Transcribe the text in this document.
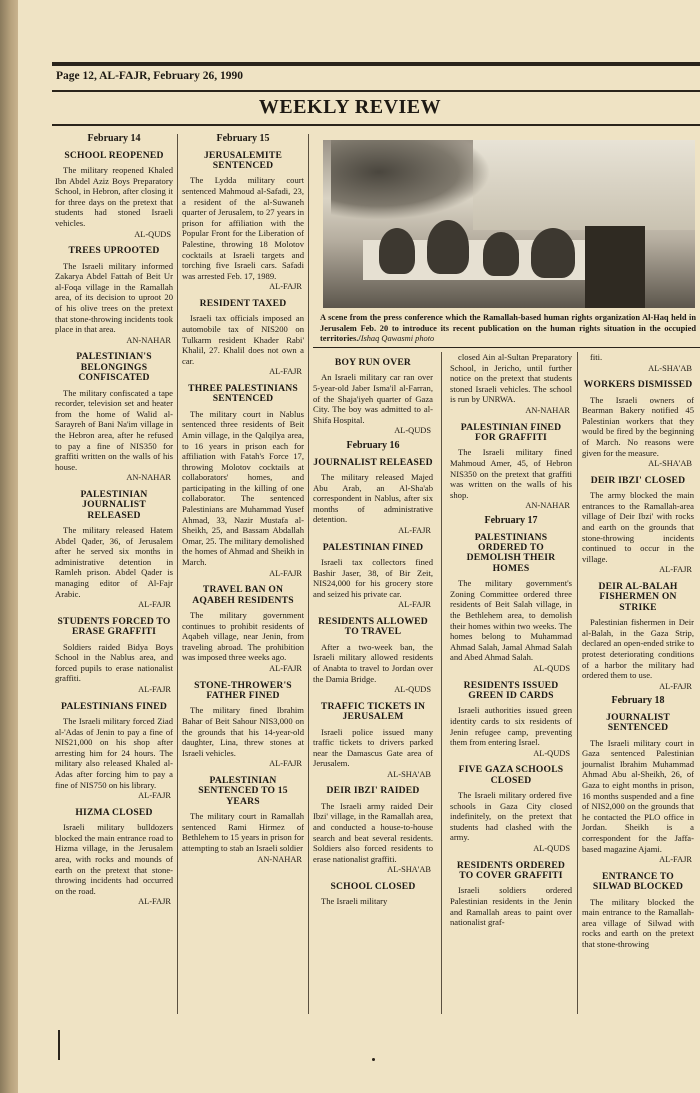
Page 12, AL-FAJR, February 26, 1990
WEEKLY REVIEW
A scene from the press conference which the Ramallah-based human rights organization Al-Haq held in Jerusalem Feb. 20 to introduce its recent publication on the human rights situation in the occupied territories./Ishaq Qawasmi photo
February 14
SCHOOL REOPENED
The military reopened Khaled Ibn Abdel Aziz Boys Preparatory School, in Hebron, after closing it for three days on the pretext that students had stoned Israeli vehicles.
AL-QUDS
TREES UPROOTED
The Israeli military informed Zakarya Abdel Fattah of Beit Ur al-Foqa village in the Ramallah area, of its decision to uproot 20 of his olive trees on the pretext that stone-throwing incidents took place in that area.
AN-NAHAR
PALESTINIAN'S BELONGINGS CONFISCATED
The military confiscated a tape recorder, television set and heater from the home of Walid al-Sarayreh of Bani Na'im village in the Hebron area, after he refused to pay a fine of NIS350 for graffiti written on the walls of his house.
AN-NAHAR
PALESTINIAN JOURNALIST RELEASED
The military released Hatem Abdel Qader, 36, of Jerusalem after he served six months in administrative detention in Ramleh prison. Abdel Qader is managing editor of Al-Fajr Arabic.
AL-FAJR
STUDENTS FORCED TO ERASE GRAFFITI
Soldiers raided Bidya Boys School in the Nablus area, and forced pupils to erase nationalist graffiti.
AL-FAJR
PALESTINIANS FINED
The Israeli military forced Ziad al-'Adas of Jenin to pay a fine of NIS21,000 on his shop after arresting him for 24 hours. The military also released Khaled al-Adas after forcing him to pay a fine of NIS750 on his library.
AL-FAJR
HIZMA CLOSED
Israeli military bulldozers blocked the main entrance road to Hizma village, in the Jerusalem area, with rocks and mounds of earth on the pretext that stone-throwing incidents had occurred on the road.
AL-FAJR
February 15
JERUSALEMITE SENTENCED
The Lydda military court sentenced Mahmoud al-Safadi, 23, a resident of the al-Suwaneh quarter of Jerusalem, to 27 years in prison for affiliation with the Popular Front for the Liberation of Palestine, throwing 18 Molotov cocktails at Israeli targets and torching five Israeli cars. Safadi was arrested Feb. 17, 1989.
AL-FAJR
RESIDENT TAXED
Israeli tax officials imposed an automobile tax of NIS200 on Tulkarm resident Khader Rabi' Khalil, 27. Khalil does not own a car.
AL-FAJR
THREE PALESTINIANS SENTENCED
The military court in Nablus sentenced three residents of Beit Amin village, in the Qalqilya area, to 16 years in prison each for affiliation with Fatah's Force 17, throwing Molotov cocktails at collaborators' homes, and participating in the killing of one collaborator. The sentenced Palestinians are Muhammad Yusef Ahmad, 33, Nazir Mustafa al-Sheikh, 25, and Bassam Abdallah Omar, 25. The military demolished the homes of Ahmad and Sheikh in March.
AL-FAJR
TRAVEL BAN ON AQABEH RESIDENTS
The military government continues to prohibit residents of Aqabeh village, near Jenin, from traveling abroad. The prohibition was imposed three weeks ago.
AL-FAJR
STONE-THROWER'S FATHER FINED
The military fined Ibrahim Bahar of Beit Sahour NIS3,000 on the grounds that his 14-year-old daughter, Lina, threw stones at Israeli vehicles.
AL-FAJR
PALESTINIAN SENTENCED TO 15 YEARS
The military court in Ramallah sentenced Rami Hirmez of Bethlehem to 15 years in prison for attempting to stab an Israeli soldier
AN-NAHAR
BOY RUN OVER
An Israeli military car ran over 5-year-old Jaber Isma'il al-Farran, of the Shaja'iyeh quarter of Gaza City. The boy was admitted to al-Shifa Hospital.
AL-QUDS
February 16
JOURNALIST RELEASED
The military released Majed Abu Arab, an Al-Sha'ab correspondent in Nablus, after six months of administrative detention.
AL-FAJR
PALESTINIAN FINED
Israeli tax collectors fined Bashir Jaser, 38, of Bir Zeit, NIS24,000 for his grocery store and seized his private car.
AL-FAJR
RESIDENTS ALLOWED TO TRAVEL
After a two-week ban, the Israeli military allowed residents of Anabta to travel to Jordan over the Damia Bridge.
AL-QUDS
TRAFFIC TICKETS IN JERUSALEM
Israeli police issued many traffic tickets to drivers parked near the Damascus Gate area of Jerusalem.
AL-SHA'AB
DEIR IBZI' RAIDED
The Israeli army raided Deir Ibzi' village, in the Ramallah area, and conducted a house-to-house search and beat several residents. Soldiers also forced residents to erase nationalist graffiti.
AL-SHA'AB
SCHOOL CLOSED
The Israeli military
closed Ain al-Sultan Preparatory School, in Jericho, until further notice on the pretext that students stoned Israeli vehicles. The school is run by UNRWA.
AN-NAHAR
PALESTINIAN FINED FOR GRAFFITI
The Israeli military fined Mahmoud Amer, 45, of Hebron NIS350 on the pretext that graffiti was written on the walls of his shop.
AN-NAHAR
February 17
PALESTINIANS ORDERED TO DEMOLISH THEIR HOMES
The military government's Zoning Committee ordered three residents of Beit Salah village, in the Bethlehem area, to demolish their homes within two weeks. The homes belong to Muhammad Ahmad Salah, Jamal Ahmad Salah and Abed Ahmad Salah.
AL-QUDS
RESIDENTS ISSUED GREEN ID CARDS
Israeli authorities issued green identity cards to six residents of Jenin refugee camp, preventing them from entering Israel.
AL-QUDS
FIVE GAZA SCHOOLS CLOSED
The Israeli military ordered five schools in Gaza City closed indefinitely, on the pretext that students had clashed with the army.
AL-QUDS
RESIDENTS ORDERED TO COVER GRAFFITI
Israeli soldiers ordered Palestinian residents in the Jenin and Ramallah areas to paint over nationalist graf-
fiti.
AL-SHA'AB
WORKERS DISMISSED
The Israeli owners of Bearman Bakery notified 45 Palestinian workers that they would be fired by the beginning of March. No reasons were given for the measure.
AL-SHA'AB
DEIR IBZI' CLOSED
The army blocked the main entrances to the Ramallah-area village of Deir Ibzi' with rocks and earth on the grounds that stone-throwing incidents continued to occur in the village.
AL-FAJR
DEIR AL-BALAH FISHERMEN ON STRIKE
Palestinian fishermen in Deir al-Balah, in the Gaza Strip, declared an open-ended strike to protest deteriorating conditions of a harbor the military had ordered them to use.
AL-FAJR
February 18
JOURNALIST SENTENCED
The Israeli military court in Gaza sentenced Palestinian journalist Ibrahim Muhammad Ahmad Abu al-Sheikh, 26, of Gaza to eight months in prison, 16 months suspended and a fine of NIS2,000 on the grounds that he contacted the PLO office in Jordan. Sheikh is a correspondent for the Jaffa-based magazine Ajami.
AL-FAJR
ENTRANCE TO SILWAD BLOCKED
The military blocked the main entrance to the Ramallah-area village of Silwad with rocks and earth on the pretext that stone-throwing
